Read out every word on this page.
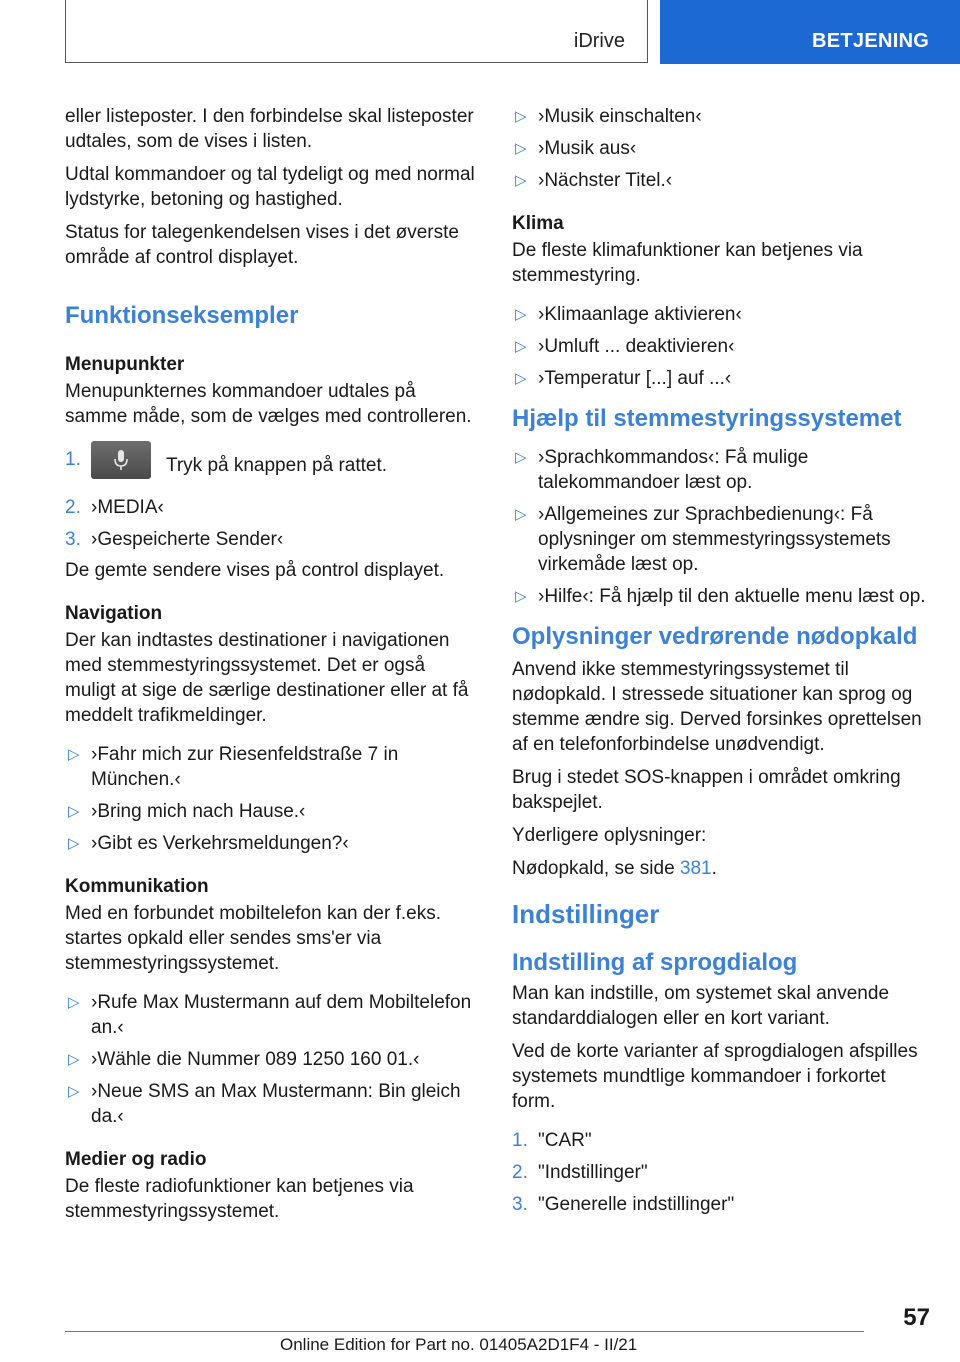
iDrive	BETJENING

eller listeposter. I den forbindelse skal listeposter udtales, som de vises i listen.

Udtal kommandoer og tal tydeligt og med normal lydstyrke, betoning og hastighed.

Status for talegenkendelsen vises i det øverste område af control displayet.

Funktionseksempler
Menupunkter

Menupunkternes kommandoer udtales på samme måde, som de vælges med controlleren.

1.	Tryk på knappen på rattet.
2. ›MEDIA‹
3. ›Gespeicherte Sender‹

De gemte sendere vises på control displayet.

Navigation

Der kan indtastes destinationer i navigationen med stemmestyringssystemet. Det er også muligt at sige de særlige destinationer eller at få meddelt trafikmeldinger.

▷ ›Fahr mich zur Riesenfeldstraße 7 in München.‹
▷ ›Bring mich nach Hause.‹
▷ ›Gibt es Verkehrsmeldungen?‹
Kommunikation

Med en forbundet mobiltelefon kan der f.eks. startes opkald eller sendes sms'er via stemmestyringssystemet.

▷ ›Rufe Max Mustermann auf dem Mobiltelefon an.‹
▷ ›Wähle die Nummer 089 1250 160 01.‹
▷ ›Neue SMS an Max Mustermann: Bin gleich da.‹
Medier og radio

De fleste radiofunktioner kan betjenes via stemmestyringssystemet.

▷ ›Musik einschalten‹
▷ ›Musik aus‹
▷ ›Nächster Titel.‹
Klima

De fleste klimafunktioner kan betjenes via stemmestyring.

▷ ›Klimaanlage aktivieren‹
▷ ›Umluft ... deaktivieren‹
▷ ›Temperatur [...] auf ...‹
Hjælp til stemmestyringssystemet
▷ ›Sprachkommandos‹: Få mulige talekommandoer læst op.
▷ ›Allgemeines zur Sprachbedienung‹: Få oplysninger om stemmestyringssystemets virkemåde læst op.
▷ ›Hilfe‹: Få hjælp til den aktuelle menu læst op.
Oplysninger vedrørende nødopkald

Anvend ikke stemmestyringssystemet til nødopkald. I stressede situationer kan sprog og stemme ændre sig. Derved forsinkes oprettelsen af en telefonforbindelse unødvendigt.

Brug i stedet SOS-knappen i området omkring bakspejlet.

Yderligere oplysninger:

Nødopkald, se side 381.

Indstillinger
Indstilling af sprogdialog

Man kan indstille, om systemet skal anvende standarddialogen eller en kort variant.

Ved de korte varianter af sprogdialogen afspilles systemets mundtlige kommandoer i forkortet form.

1. "CAR"
2. "Indstillinger"
3. "Generelle indstillinger"
57
Online Edition for Part no. 01405A2D1F4 - II/21
